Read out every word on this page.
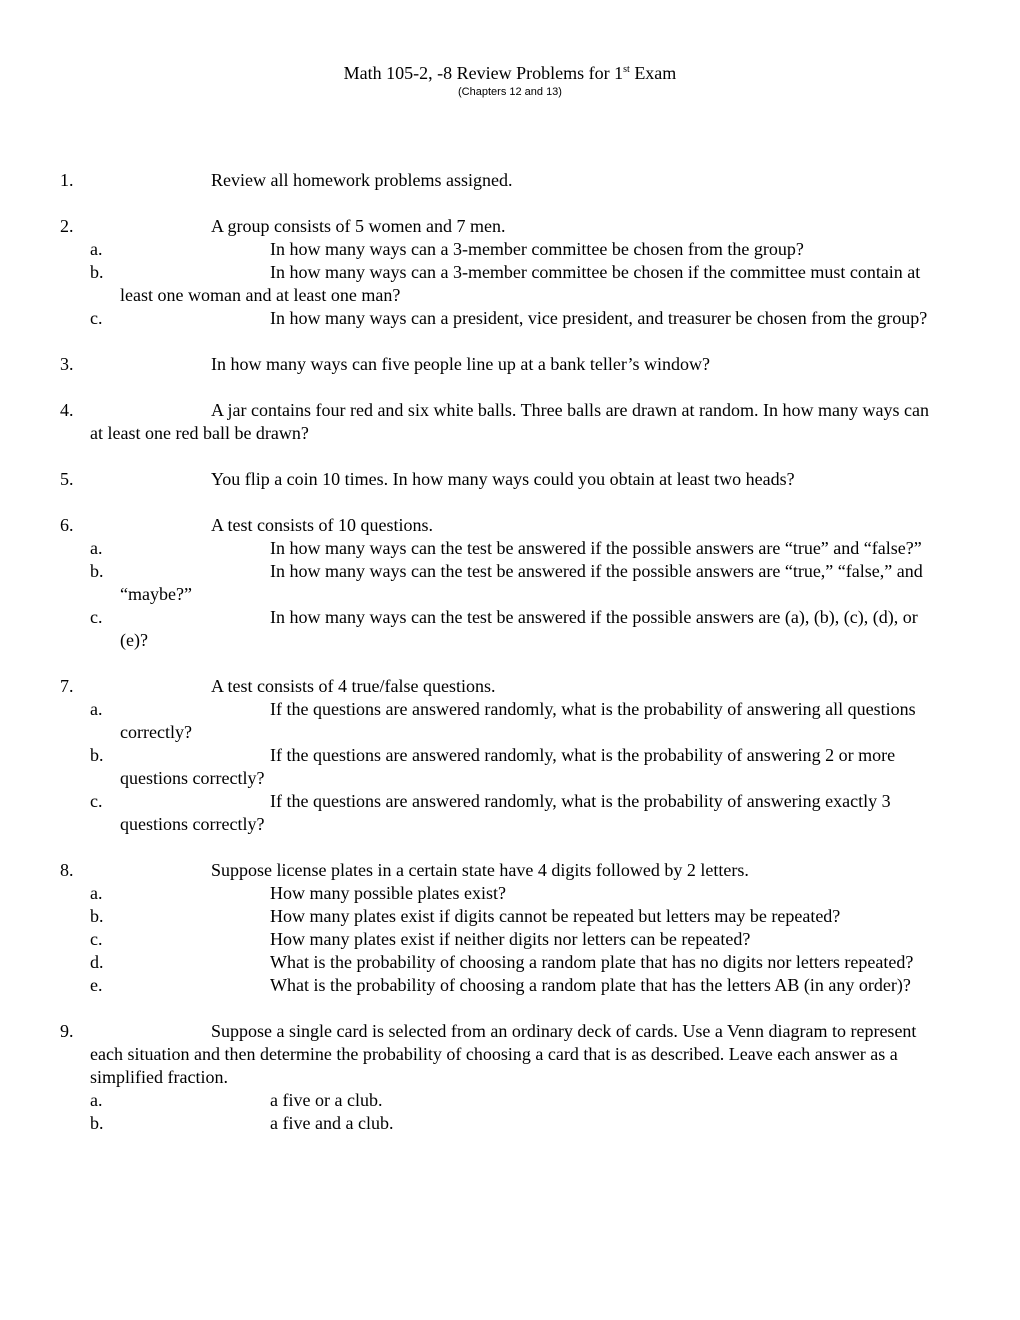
Math 105-2, -8 Review Problems for 1st Exam
(Chapters 12 and 13)
1.	Review all homework problems assigned.
2.	A group consists of 5 women and 7 men.
a.	In how many ways can a 3-member committee be chosen from the group?
b.	In how many ways can a 3-member committee be chosen if the committee must contain at least one woman and at least one man?
c.	In how many ways can a president, vice president, and treasurer be chosen from the group?
3.	In how many ways can five people line up at a bank teller’s window?
4.	A jar contains four red and six white balls. Three balls are drawn at random. In how many ways can at least one red ball be drawn?
5.	You flip a coin 10 times. In how many ways could you obtain at least two heads?
6.	A test consists of 10 questions.
a.	In how many ways can the test be answered if the possible answers are “true” and “false?”
b.	In how many ways can the test be answered if the possible answers are “true,” “false,” and “maybe?”
c.	In how many ways can the test be answered if the possible answers are (a), (b), (c), (d), or (e)?
7.	A test consists of 4 true/false questions.
a.	If the questions are answered randomly, what is the probability of answering all questions correctly?
b.	If the questions are answered randomly, what is the probability of answering 2 or more questions correctly?
c.	If the questions are answered randomly, what is the probability of answering exactly 3 questions correctly?
8.	Suppose license plates in a certain state have 4 digits followed by 2 letters.
a.	How many possible plates exist?
b.	How many plates exist if digits cannot be repeated but letters may be repeated?
c.	How many plates exist if neither digits nor letters can be repeated?
d.	What is the probability of choosing a random plate that has no digits nor letters repeated?
e.	What is the probability of choosing a random plate that has the letters AB (in any order)?
9.	Suppose a single card is selected from an ordinary deck of cards. Use a Venn diagram to represent each situation and then determine the probability of choosing a card that is as described. Leave each answer as a simplified fraction.
a.	a five or a club.
b.	a five and a club.
